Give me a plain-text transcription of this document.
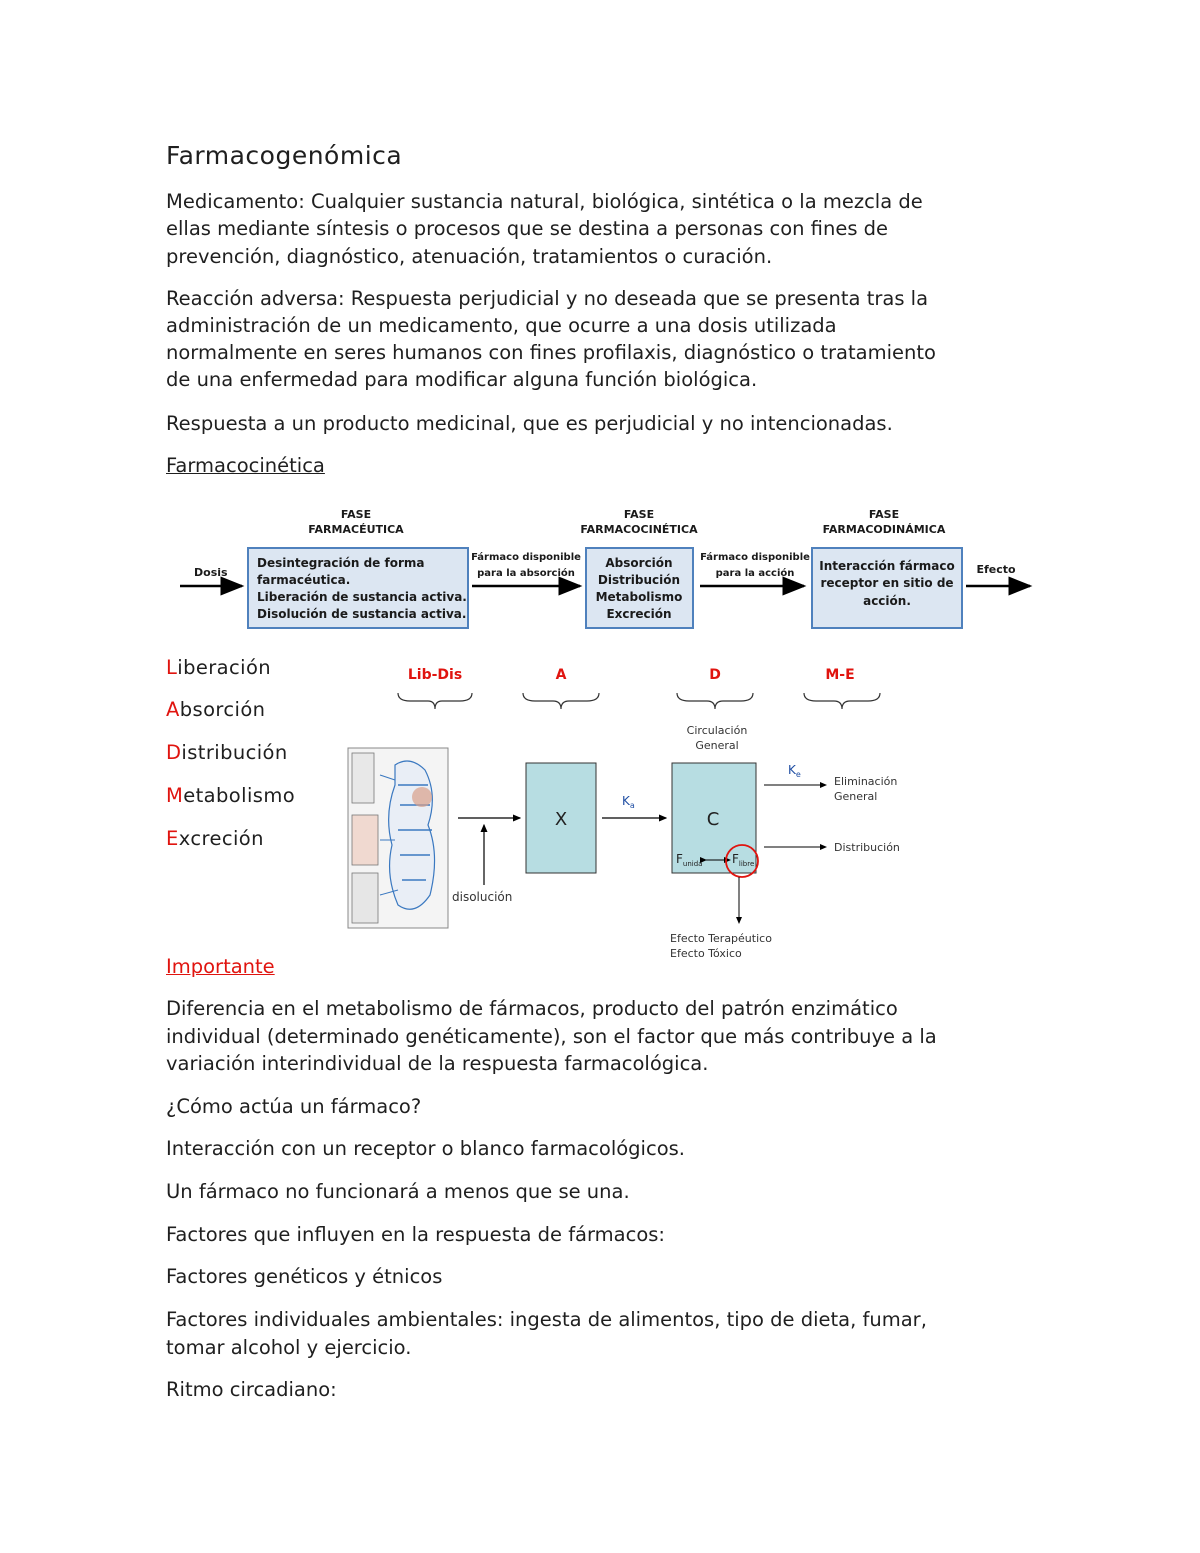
Farmacogenómica

Medicamento: Cualquier sustancia natural, biológica, sintética o la mezcla de

ellas mediante síntesis o procesos que se destina a personas con fines de

prevención, diagnóstico, atenuación, tratamientos o curación.

Reacción adversa: Respuesta perjudicial y no deseada que se presenta tras la

administración de un medicamento, que ocurre a una dosis utilizada

normalmente en seres humanos con fines profilaxis, diagnóstico o tratamiento

de una enfermedad para modificar alguna función biológica.

Respuesta a un producto medicinal, que es perjudicial y no intencionadas.

Farmacocinética

Dosis
FASE
FARMACÉUTICA
Desintegración de forma
farmacéutica.
Liberación de sustancia activa.
Disolución de sustancia activa.
Fármaco disponible
para la absorción
FASE
FARMACOCINÉTICA
Absorción
Distribución
Metabolismo
Excreción
Fármaco disponible
para la acción
FASE
FARMACODINÁMICA
Interacción fármaco
receptor en sitio de
acción.
Efecto
Liberación
Absorción
Distribución
Metabolismo
Excreción
Lib-Dis	A	D	M-E
disolución
X
$K_a$
Circulación
General
C
$F_{unida}$ $F_{libre}$
$K_e$
Eliminación
General
Distribución
Efecto Terapéutico
Efecto Tóxico

Importante

Diferencia en el metabolismo de fármacos, producto del patrón enzimático

individual (determinado genéticamente), son el factor que más contribuye a la

variación interindividual de la respuesta farmacológica.

¿Cómo actúa un fármaco?

Interacción con un receptor o blanco farmacológicos.

Un fármaco no funcionará a menos que se una.

Factores que influyen en la respuesta de fármacos:

Factores genéticos y étnicos

Factores individuales ambientales: ingesta de alimentos, tipo de dieta, fumar,

tomar alcohol y ejercicio.

Ritmo circadiano:
